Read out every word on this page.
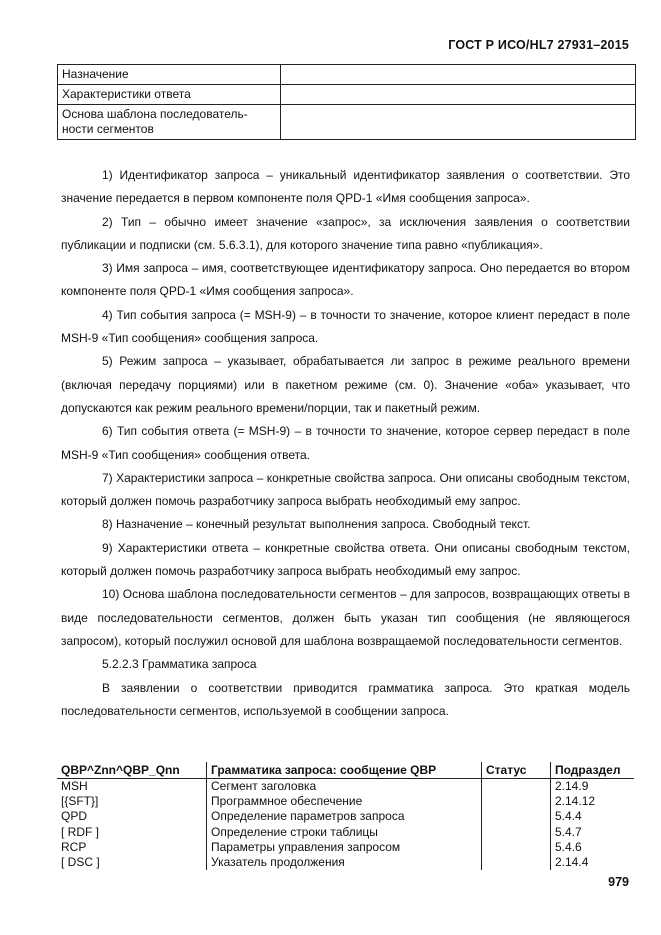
ГОСТ Р ИСО/HL7 27931–2015
Назначение	
Характеристики ответа	
Основа шаблона последователь-ности сегментов	

1) Идентификатор запроса – уникальный идентификатор заявления о соответствии. Это значение передается в первом компоненте поля QPD-1 «Имя сообщения запроса».

2) Тип – обычно имеет значение «запрос», за исключения заявления о соответствии публикации и подписки (см. 5.6.3.1), для которого значение типа равно «публикация».

3) Имя запроса – имя, соответствующее идентификатору запроса. Оно передается во втором компоненте поля QPD-1 «Имя сообщения запроса».

4) Тип события запроса (= MSH-9) – в точности то значение, которое клиент передаст в поле MSH-9 «Тип сообщения» сообщения запроса.

5) Режим запроса – указывает, обрабатывается ли запрос в режиме реального времени (включая передачу порциями) или в пакетном режиме (см. 0). Значение «оба» указывает, что допускаются как режим реального времени/порции, так и пакетный режим.

6) Тип события ответа (= MSH-9) – в точности то значение, которое сервер передаст в поле MSH-9 «Тип сообщения» сообщения ответа.

7) Характеристики запроса – конкретные свойства запроса. Они описаны свободным текстом, который должен помочь разработчику запроса выбрать необходимый ему запрос.

8) Назначение – конечный результат выполнения запроса. Свободный текст.

9) Характеристики ответа – конкретные свойства ответа. Они описаны свободным текстом, который должен помочь разработчику запроса выбрать необходимый ему запрос.

10) Основа шаблона последовательности сегментов – для запросов, возвращающих ответы в виде последовательности сегментов, должен быть указан тип сообщения (не являющегося запросом), который послужил основой для шаблона возвращаемой последовательности сегментов.

5.2.2.3 Грамматика запроса

В заявлении о соответствии приводится грамматика запроса. Это краткая модель последовательности сегментов, используемой в сообщении запроса.

QBP^Znn^QBP_Qnn	Грамматика запроса: сообщение QBP	Статус	Подраздел
MSH	Сегмент заголовка		2.14.9
[{SFT}]	Программное обеспечение		2.14.12
QPD	Определение параметров запроса		5.4.4
[ RDF ]	Определение строки таблицы		5.4.7
RCP	Параметры управления запросом		5.4.6
[ DSC ]	Указатель продолжения		2.14.4
979
